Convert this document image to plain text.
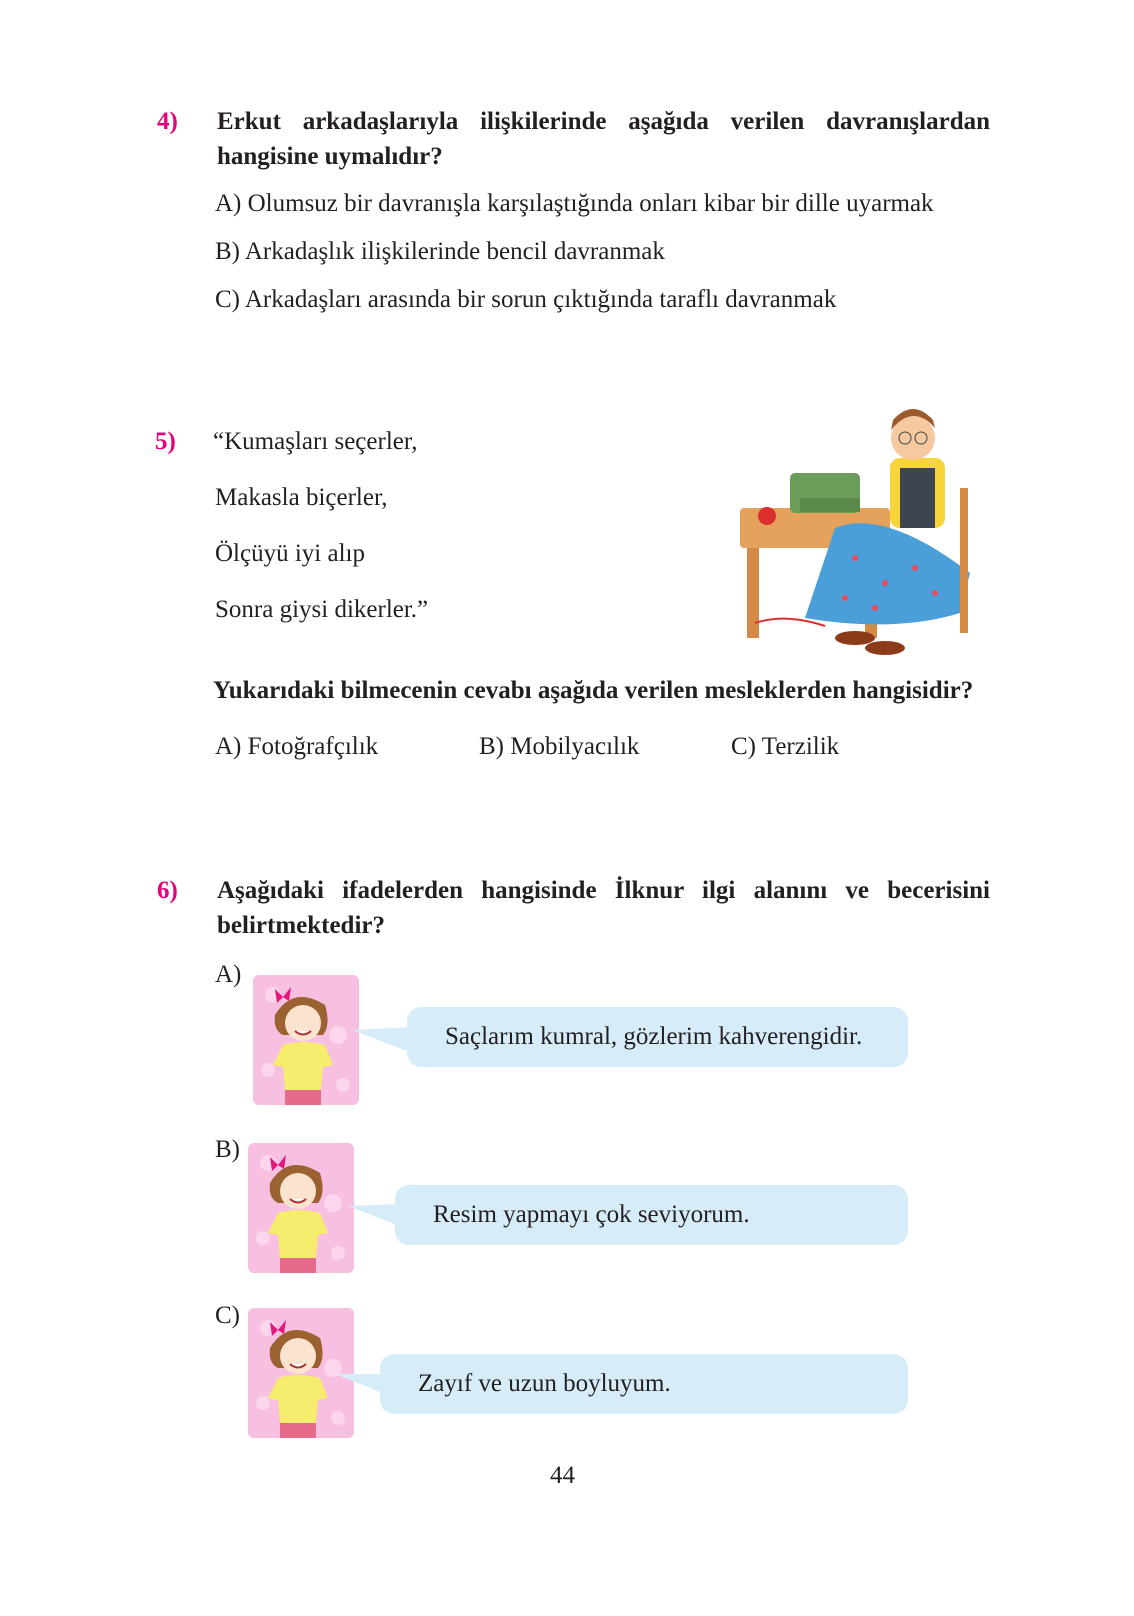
4) Erkut arkadaşlarıyla ilişkilerinde aşağıda verilen davranışlardan hangisine uymalıdır?
A) Olumsuz bir davranışla karşılaştığında onları kibar bir dille uyarmak
B) Arkadaşlık ilişkilerinde bencil davranmak
C) Arkadaşları arasında bir sorun çıktığında taraflı davranmak
5) “Kumaşları seçerler,
Makasla biçerler,
Ölçüyü iyi alıp
Sonra giysi dikerler.”
Yukarıdaki bilmecenin cevabı aşağıda verilen mesleklerden hangisidir?
A) Fotoğrafçılık	B) Mobilyacılık	C) Terzilik
6) Aşağıdaki ifadelerden hangisinde İlknur ilgi alanını ve becerisini belirtmektedir?
A)
Saçlarım kumral, gözlerim kahverengidir.
B)
Resim yapmayı çok seviyorum.
C)
Zayıf ve uzun boyluyum.
44
